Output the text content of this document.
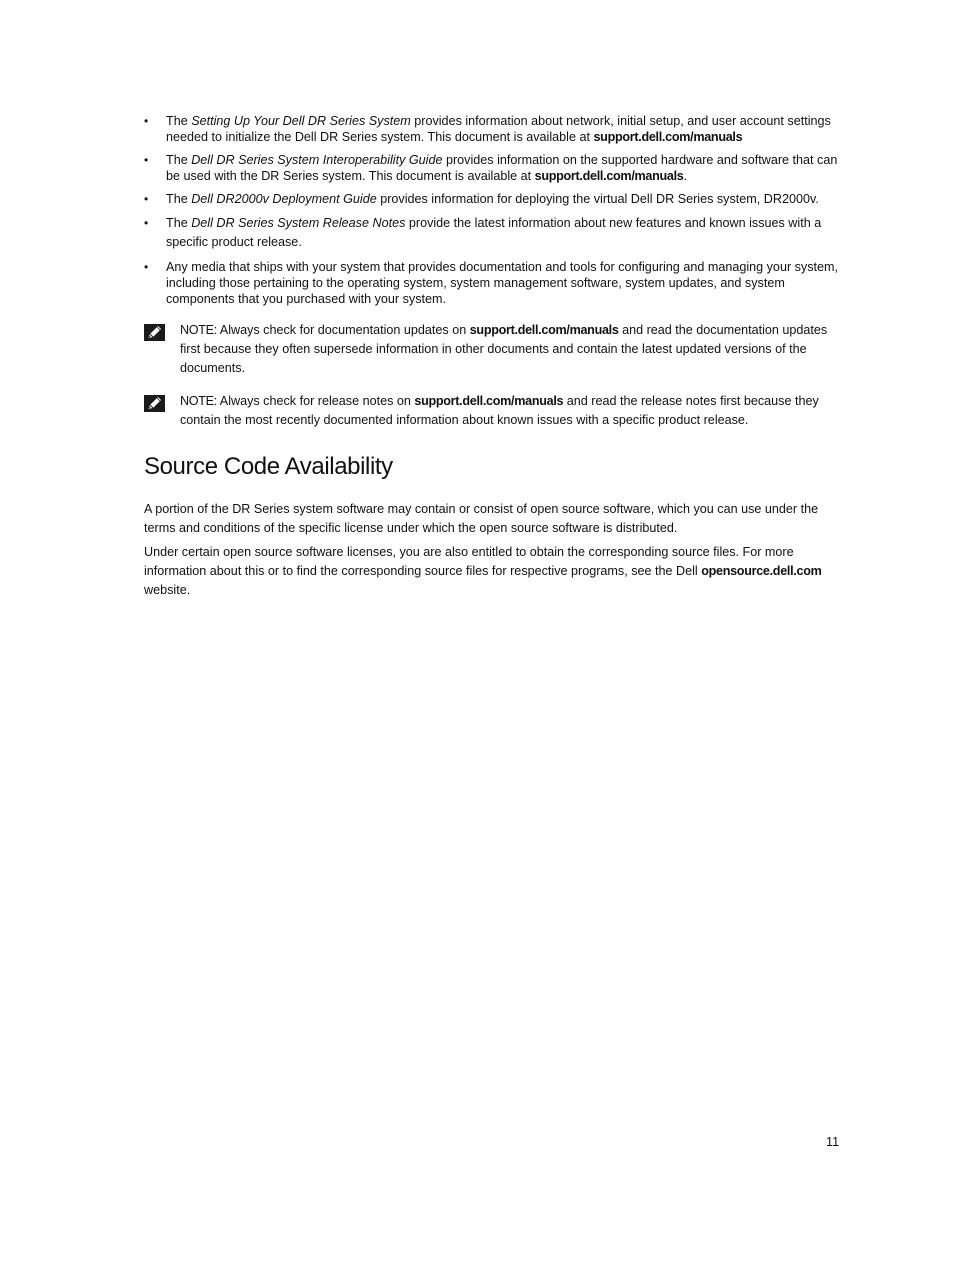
• The Setting Up Your Dell DR Series System provides information about network, initial setup, and user account settings needed to initialize the Dell DR Series system. This document is available at support.dell.com/manuals
• The Dell DR Series System Interoperability Guide provides information on the supported hardware and software that can be used with the DR Series system. This document is available at support.dell.com/manuals.
• The Dell DR2000v Deployment Guide provides information for deploying the virtual Dell DR Series system, DR2000v.
• The Dell DR Series System Release Notes provide the latest information about new features and known issues with a specific product release.
• Any media that ships with your system that provides documentation and tools for configuring and managing your system, including those pertaining to the operating system, system management software, system updates, and system components that you purchased with your system.
NOTE: Always check for documentation updates on support.dell.com/manuals and read the documentation updates first because they often supersede information in other documents and contain the latest updated versions of the documents.
NOTE: Always check for release notes on support.dell.com/manuals and read the release notes first because they contain the most recently documented information about known issues with a specific product release.
Source Code Availability

A portion of the DR Series system software may contain or consist of open source software, which you can use under the terms and conditions of the specific license under which the open source software is distributed.

Under certain open source software licenses, you are also entitled to obtain the corresponding source files. For more information about this or to find the corresponding source files for respective programs, see the Dell opensource.dell.com website.

11
